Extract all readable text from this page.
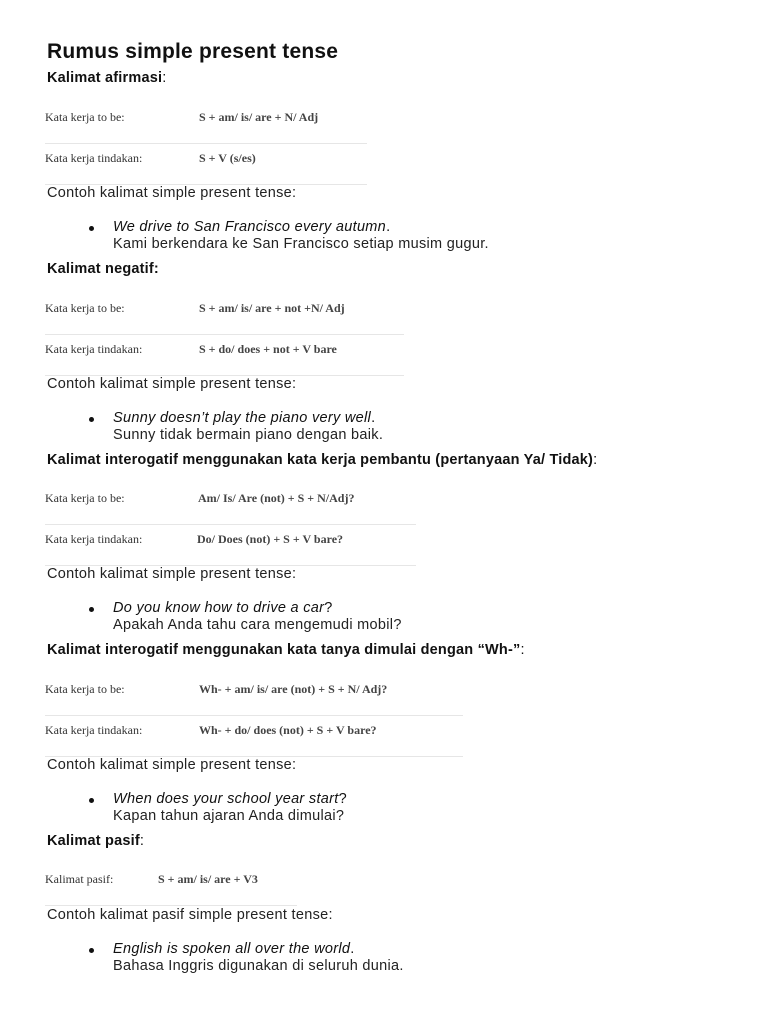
Rumus simple present tense
Kalimat afirmasi:
Kata kerja to be:	S + am/ is/ are + N/ Adj
Kata kerja tindakan:	S + V (s/es)
Contoh kalimat simple present tense:
We drive to San Francisco every autumn.
Kami berkendara ke San Francisco setiap musim gugur.
Kalimat negatif:
Kata kerja to be:	S + am/ is/ are + not +N/ Adj
Kata kerja tindakan:	S + do/ does + not + V bare
Contoh kalimat simple present tense:
Sunny doesn’t play the piano very well.
Sunny tidak bermain piano dengan baik.
Kalimat interogatif menggunakan kata kerja pembantu (pertanyaan Ya/ Tidak):
Kata kerja to be:	Am/ Is/ Are (not) + S + N/Adj?
Kata kerja tindakan:	Do/ Does (not) + S + V bare?
Contoh kalimat simple present tense:
Do you know how to drive a car?
Apakah Anda tahu cara mengemudi mobil?
Kalimat interogatif menggunakan kata tanya dimulai dengan “Wh-”:
Kata kerja to be:	Wh- + am/ is/ are (not) + S + N/ Adj?
Kata kerja tindakan:	Wh- + do/ does (not) + S + V bare?
Contoh kalimat simple present tense:
When does your school year start?
Kapan tahun ajaran Anda dimulai?
Kalimat pasif:
Kalimat pasif:	S + am/ is/ are + V3
Contoh kalimat pasif simple present tense:
English is spoken all over the world.
Bahasa Inggris digunakan di seluruh dunia.
